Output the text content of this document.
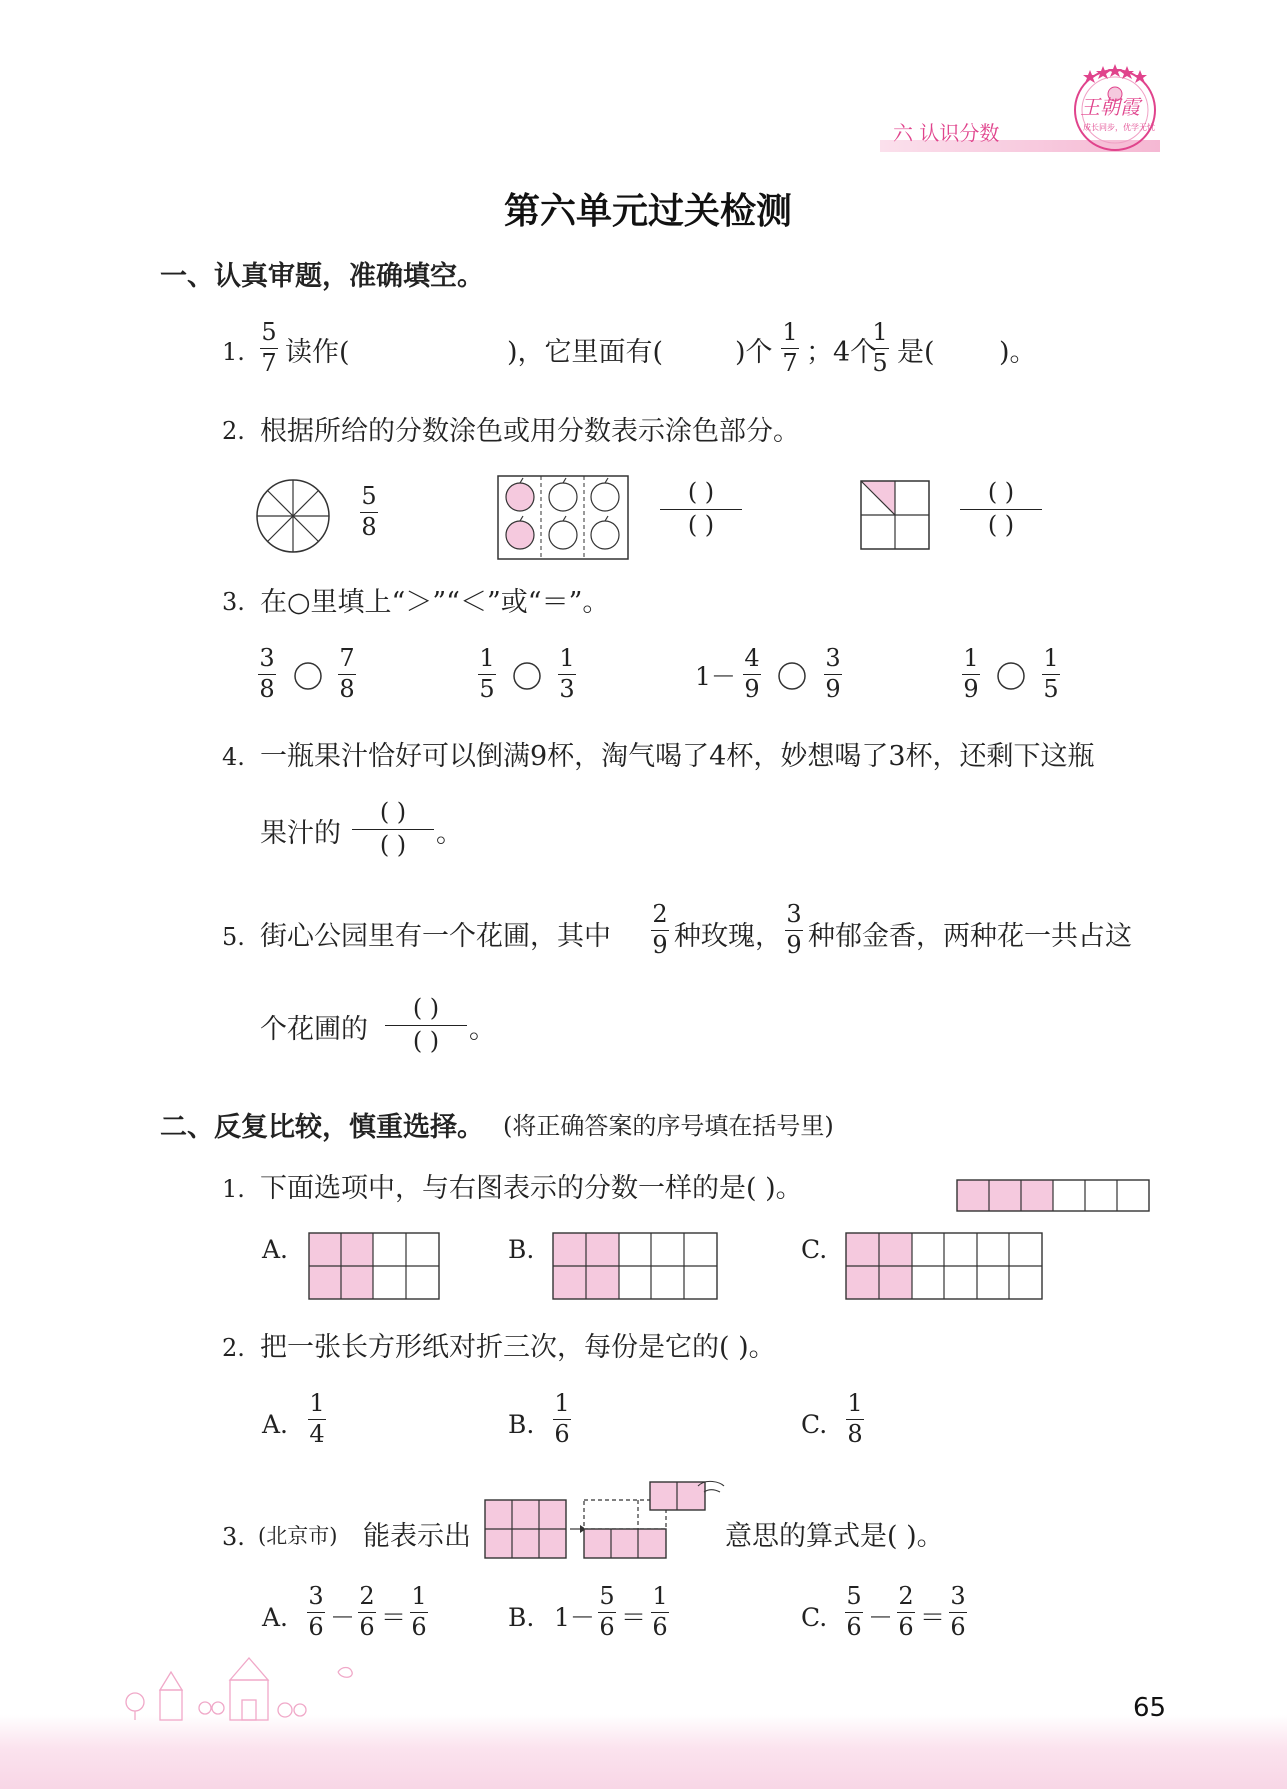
六 认识分数
王朝霞
成长同步，优学无忧
第六单元过关检测
一、认真审题，准确填空。
1.
5
7 读作(	)，它里面有(	)个
1
7 ；4个
1
5 是( )。
2. 根据所给的分数涂色或用分数表示涂色部分。
5
8
( )
( )
( )
( )
3. 在○里填上“＞”“＜”或“＝”。
3
8
7
8
1
5
1
3	1－
4
9
3
9
1
9
1
5
4. 一瓶果汁恰好可以倒满9杯，淘气喝了4杯，妙想喝了3杯，还剩下这瓶
果汁的
( )
( )	。
5. 街心公园里有一个花圃，其中
2
9 种玫瑰，
3
9 种郁金香，两种花一共占这
个花圃的
( )
( )	。
二、反复比较，慎重选择。 (将正确答案的序号填在括号里)
1. 下面选项中，与右图表示的分数一样的是( )。
A.	B.	C.
2. 把一张长方形纸对折三次，每份是它的( )。
A.
1
4	B.
1
6	C.
1
8
3. (北京市) 能表示出	意思的算式是( )。
A.
3
6 －
2
6 ＝
1
6	B. 1－
5
6 ＝
1
6	C.
5
6 －
2
6 ＝
3
6
65
